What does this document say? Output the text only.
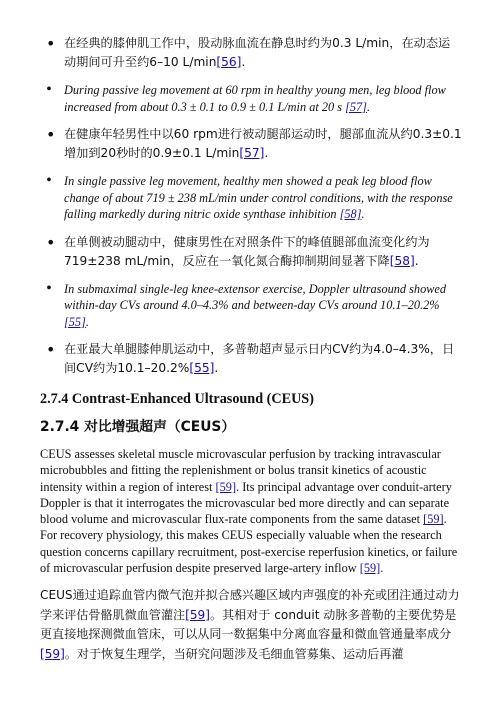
• 在经典的膝伸肌工作中，股动脉血流在静息时约为0.3 L/min，在动态运动期间可升至约6–10 L/min[56].
• During passive leg movement at 60 rpm in healthy young men, leg blood flow increased from about 0.3 ± 0.1 to 0.9 ± 0.1 L/min at 20 s [57].
• 在健康年轻男性中以60 rpm进行被动腿部运动时，腿部血流从约0.3±0.1增加到20秒时的0.9±0.1 L/min[57].
• In single passive leg movement, healthy men showed a peak leg blood flow change of about 719 ± 238 mL/min under control conditions, with the response falling markedly during nitric oxide synthase inhibition [58].
• 在单侧被动腿动中，健康男性在对照条件下的峰值腿部血流变化约为719±238 mL/min，反应在一氧化氮合酶抑制期间显著下降[58].
• In submaximal single-leg knee-extensor exercise, Doppler ultrasound showed within-day CVs around 4.0–4.3% and between-day CVs around 10.1–20.2% [55].
• 在亚最大单腿膝伸肌运动中，多普勒超声显示日内CV约为4.0–4.3%，日间CV约为10.1–20.2%[55].
2.7.4 Contrast-Enhanced Ultrasound (CEUS)
2.7.4 对比增强超声（CEUS）

CEUS assesses skeletal muscle microvascular perfusion by tracking intravascular microbubbles and fitting the replenishment or bolus transit kinetics of acoustic intensity within a region of interest [59]. Its principal advantage over conduit-artery Doppler is that it interrogates the microvascular bed more directly and can separate blood volume and microvascular flux-rate components from the same dataset [59]. For recovery physiology, this makes CEUS especially valuable when the research question concerns capillary recruitment, post-exercise reperfusion kinetics, or failure of microvascular perfusion despite preserved large-artery inflow [59].

CEUS通过追踪血管内微气泡并拟合感兴趣区域内声强度的补充或团注通过动力学来评估骨骼肌微血管灌注[59]。其相对于 conduit 动脉多普勒的主要优势是更直接地探测微血管床，可以从同一数据集中分离血容量和微血管通量率成分[59]。对于恢复生理学，当研究问题涉及毛细血管募集、运动后再灌
